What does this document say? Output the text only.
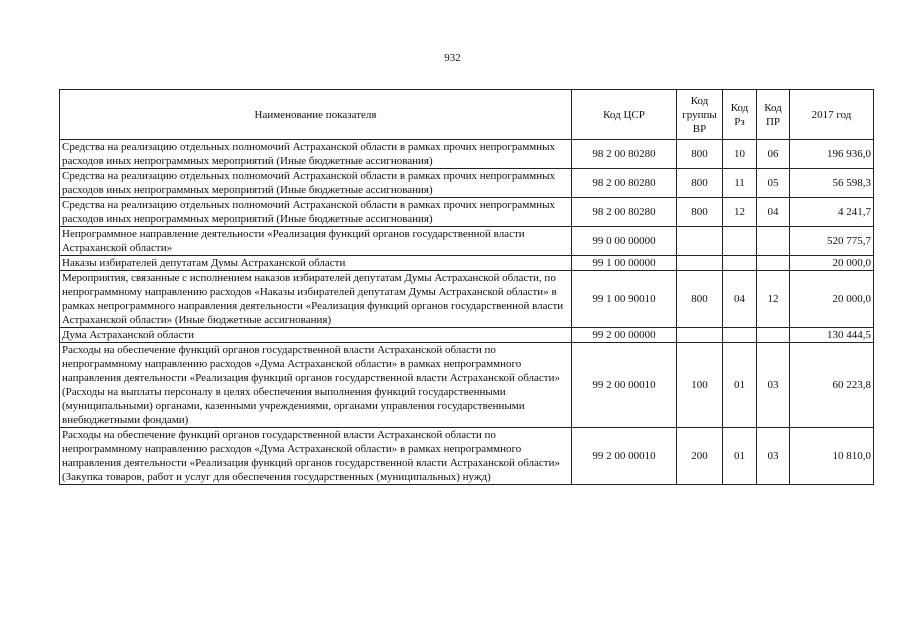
932
Наименование показателя	Код ЦСР	Код группы ВР	Код Рз	Код ПР	2017 год
Средства на реализацию отдельных полномочий Астраханской области в рамках прочих непрограммных расходов иных непрограммных мероприятий (Иные бюджетные ассигнования)	98 2 00 80280	800	10	06	196 936,0
Средства на реализацию отдельных полномочий Астраханской области в рамках прочих непрограммных расходов иных непрограммных мероприятий (Иные бюджетные ассигнования)	98 2 00 80280	800	11	05	56 598,3
Средства на реализацию отдельных полномочий Астраханской области в рамках прочих непрограммных расходов иных непрограммных мероприятий (Иные бюджетные ассигнования)	98 2 00 80280	800	12	04	4 241,7
Непрограммное направление деятельности «Реализация функций органов государственной власти Астраханской области»	99 0 00 00000				520 775,7
Наказы избирателей депутатам Думы Астраханской области	99 1 00 00000				20 000,0
Мероприятия, связанные с исполнением наказов избирателей депутатам Думы Астраханской области, по непрограммному направлению расходов «Наказы избирателей депутатам Думы Астраханской области» в рамках непрограммного направления деятельности «Реализация функций органов государственной власти Астраханской области» (Иные бюджетные ассигнования)	99 1 00 90010	800	04	12	20 000,0
Дума Астраханской области	99 2 00 00000				130 444,5
Расходы на обеспечение функций органов государственной власти Астраханской области по непрограммному направлению расходов «Дума Астраханской области» в рамках непрограммного направления деятельности «Реализация функций органов государственной власти Астраханской области» (Расходы на выплаты персоналу в целях обеспечения выполнения функций государственными (муниципальными) органами, казенными учреждениями, органами управления государственными внебюджетными фондами)	99 2 00 00010	100	01	03	60 223,8
Расходы на обеспечение функций органов государственной власти Астраханской области по непрограммному направлению расходов «Дума Астраханской области» в рамках непрограммного направления деятельности «Реализация функций органов государственной власти Астраханской области» (Закупка товаров, работ и услуг для обеспечения государственных (муниципальных) нужд)	99 2 00 00010	200	01	03	10 810,0
